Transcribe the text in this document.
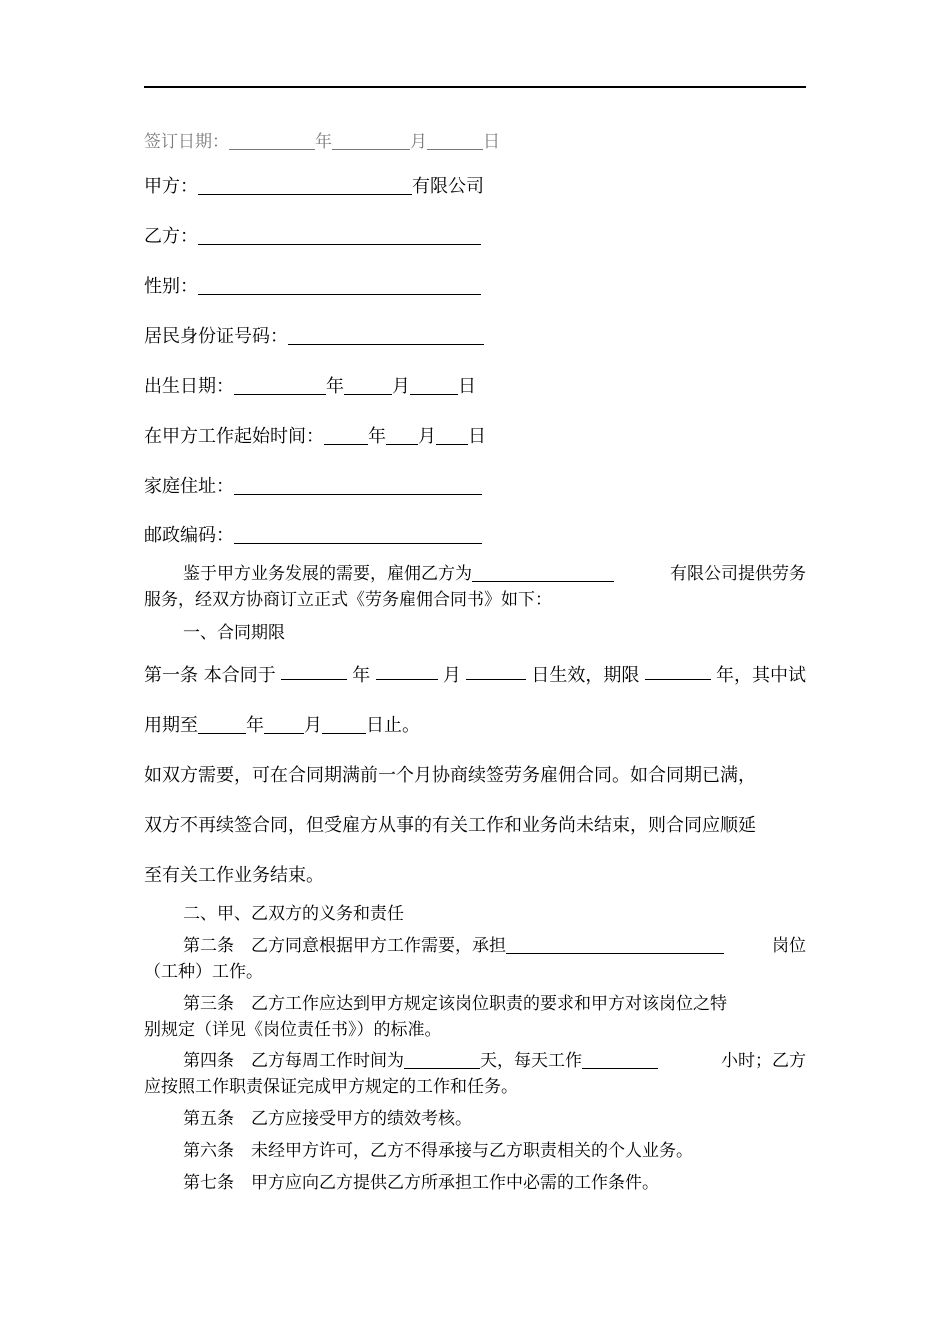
签订日期：	年	月	日
甲方：	有限公司
乙方：
性别：
居民身份证号码：
出生日期：	年	月	日
在甲方工作起始时间： 年 月 日
家庭住址：
邮政编码：
鉴于甲方业务发展的需要，雇佣乙方为	有限公司提供劳务
服务，经双方协商订立正式《劳务雇佣合同书》如下：
一、合同期限
第一条 本合同于	年	月	日生效，期限	年，其中试
用期至	年 月 日止。
如双方需要，可在合同期满前一个月协商续签劳务雇佣合同。如合同期已满，
双方不再续签合同，但受雇方从事的有关工作和业务尚未结束，则合同应顺延
至有关工作业务结束。
二、甲、乙双方的义务和责任
第二条　乙方同意根据甲方工作需要，承担	岗位
（工种）工作。
第三条　乙方工作应达到甲方规定该岗位职责的要求和甲方对该岗位之特
别规定（详见《岗位责任书》）的标准。
第四条　乙方每周工作时间为	天，每天工作	小时；乙方
应按照工作职责保证完成甲方规定的工作和任务。
第五条　乙方应接受甲方的绩效考核。
第六条　未经甲方许可，乙方不得承接与乙方职责相关的个人业务。
第七条　甲方应向乙方提供乙方所承担工作中必需的工作条件。
